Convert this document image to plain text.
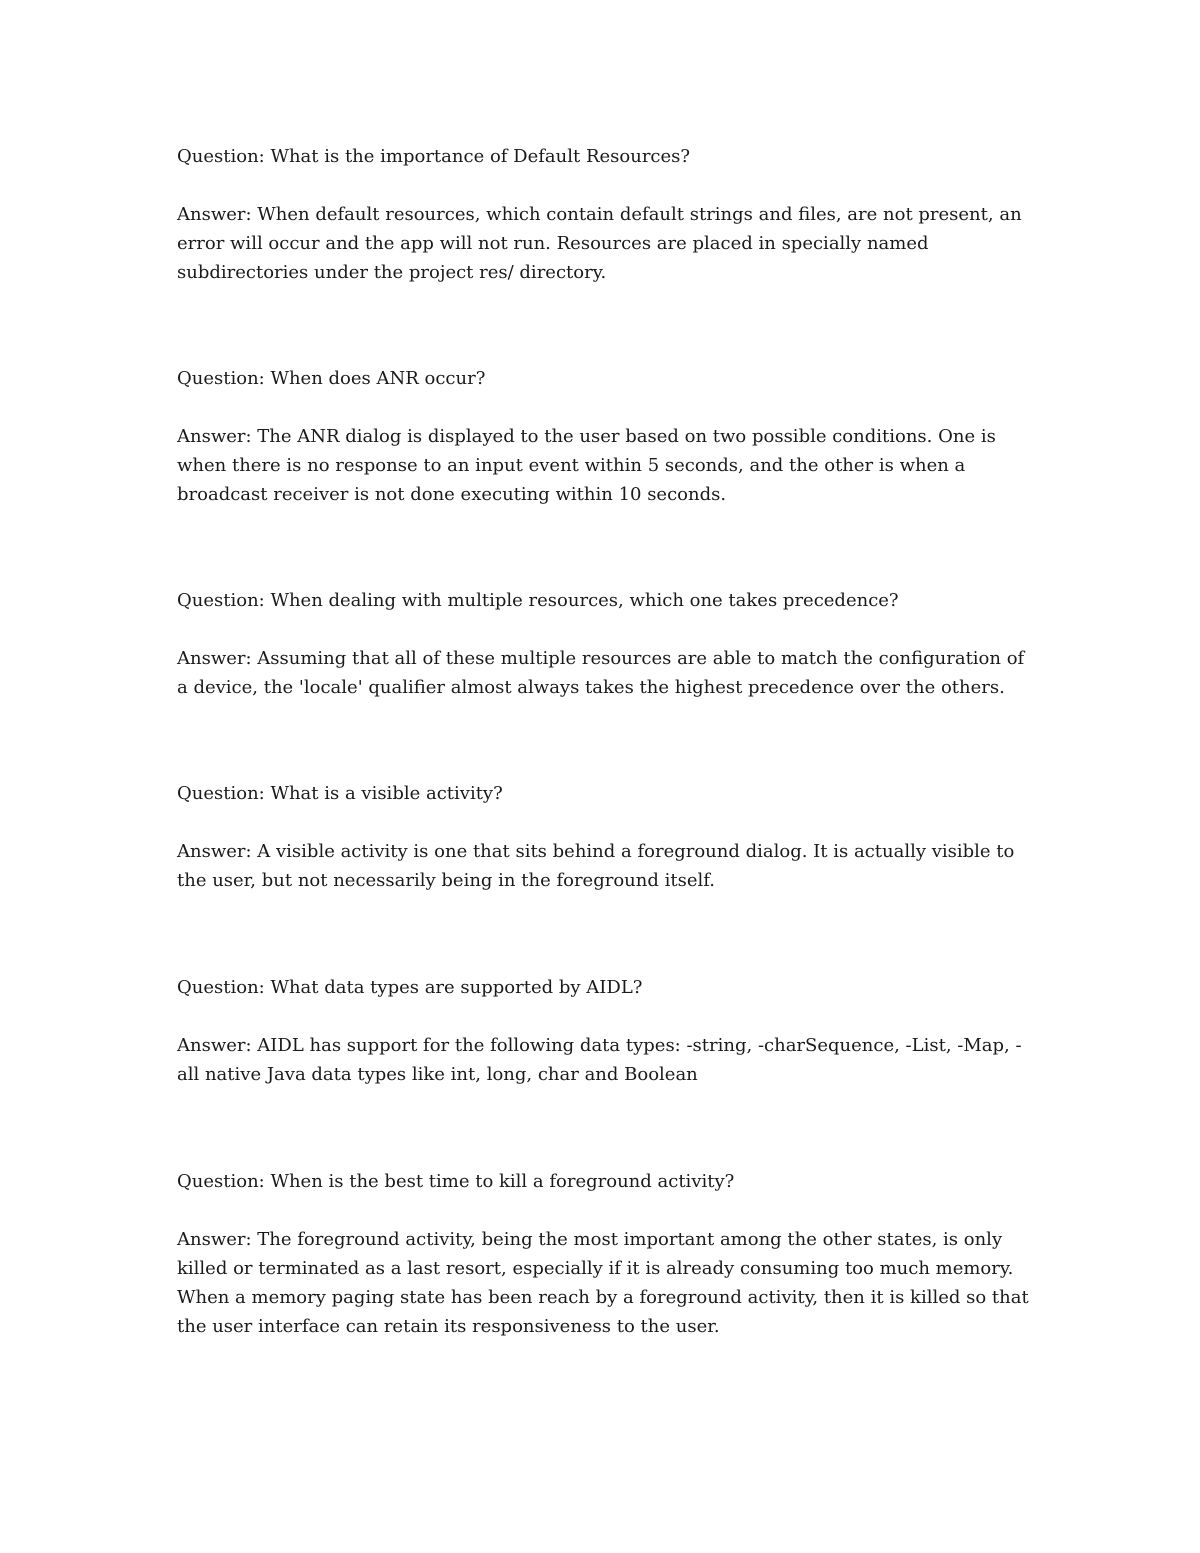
Question: What is the importance of Default Resources?

Answer: When default resources, which contain default strings and files, are not present, an error will occur and the app will not run. Resources are placed in specially named subdirectories under the project res/ directory.

Question: When does ANR occur?

Answer: The ANR dialog is displayed to the user based on two possible conditions. One is when there is no response to an input event within 5 seconds, and the other is when a broadcast receiver is not done executing within 10 seconds.

Question: When dealing with multiple resources, which one takes precedence?

Answer: Assuming that all of these multiple resources are able to match the configuration of a device, the 'locale' qualifier almost always takes the highest precedence over the others.

Question: What is a visible activity?

Answer: A visible activity is one that sits behind a foreground dialog. It is actually visible to the user, but not necessarily being in the foreground itself.

Question: What data types are supported by AIDL?

Answer: AIDL has support for the following data types: -string, -charSequence, -List, -Map, -all native Java data types like int, long, char and Boolean

Question: When is the best time to kill a foreground activity?

Answer: The foreground activity, being the most important among the other states, is only killed or terminated as a last resort, especially if it is already consuming too much memory. When a memory paging state has been reach by a foreground activity, then it is killed so that the user interface can retain its responsiveness to the user.
